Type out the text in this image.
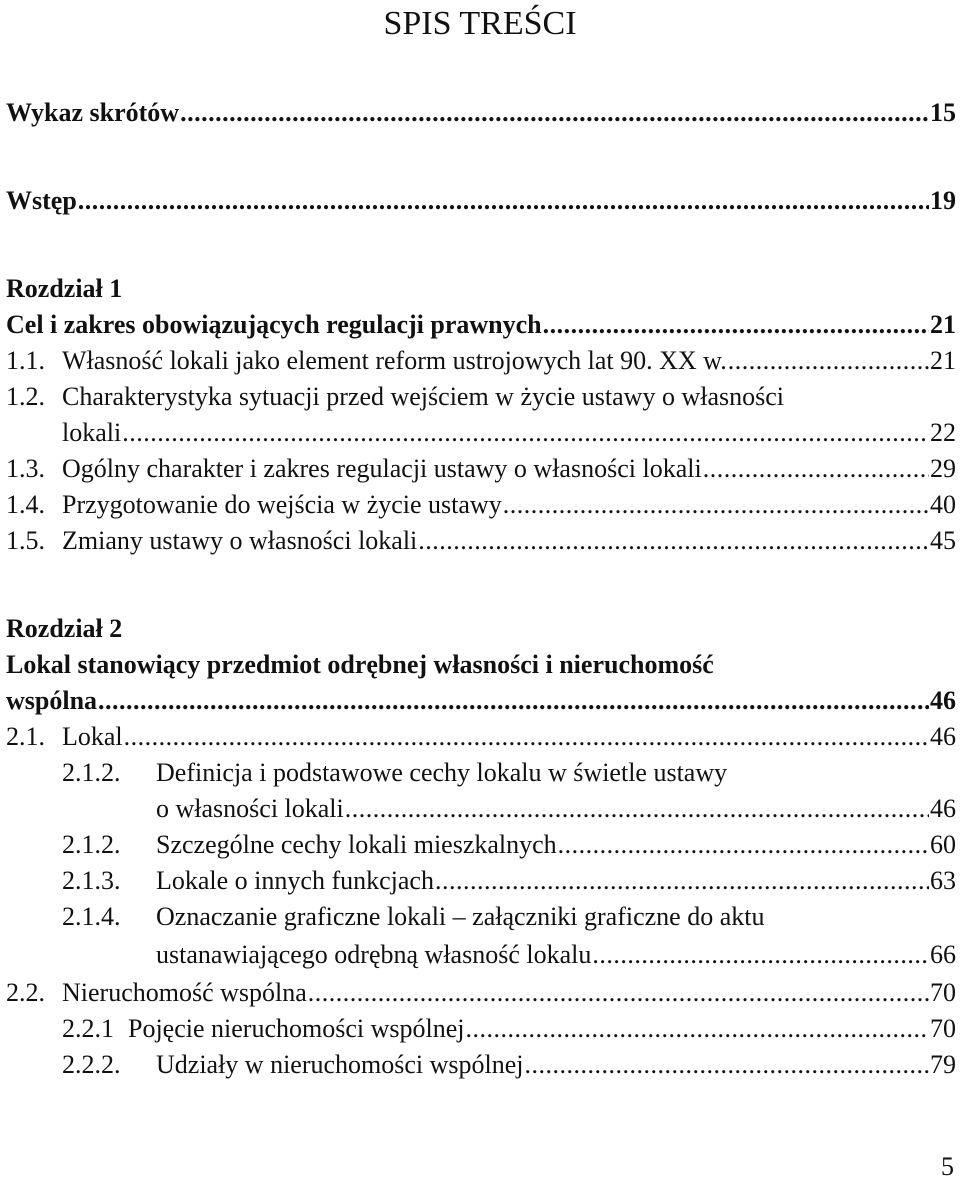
SPIS TREŚCI
Wykaz skrótów . . .	15
Wstęp . . .	19
Rozdział 1
Cel i zakres obowiązujących regulacji prawnych . . .	21
1.1. Własność lokali jako element reform ustrojowych lat 90. XX w. . . .	21
1.2. Charakterystyka sytuacji przed wejściem w życie ustawy o własności
lokali . . .	22
1.3. Ogólny charakter i zakres regulacji ustawy o własności lokali . . .	29
1.4. Przygotowanie do wejścia w życie ustawy . . .	40
1.5. Zmiany ustawy o własności lokali . . .	45
Rozdział 2
Lokal stanowiący przedmiot odrębnej własności i nieruchomość
wspólna . . .	46
2.1. Lokal . . .	46
2.1.2.	Definicja i podstawowe cechy lokalu w świetle ustawy
o własności lokali . . .	46
2.1.2.	Szczególne cechy lokali mieszkalnych . . .	60
2.1.3.	Lokale o innych funkcjach . . .	63
2.1.4.	Oznaczanie graficzne lokali – załączniki graficzne do aktu
ustanawiającego odrębną własność lokalu . . .	66
2.2. Nieruchomość wspólna . . .	70
2.2.1 Pojęcie nieruchomości wspólnej . . .	70
2.2.2.	Udziały w nieruchomości wspólnej . . .	79
5
